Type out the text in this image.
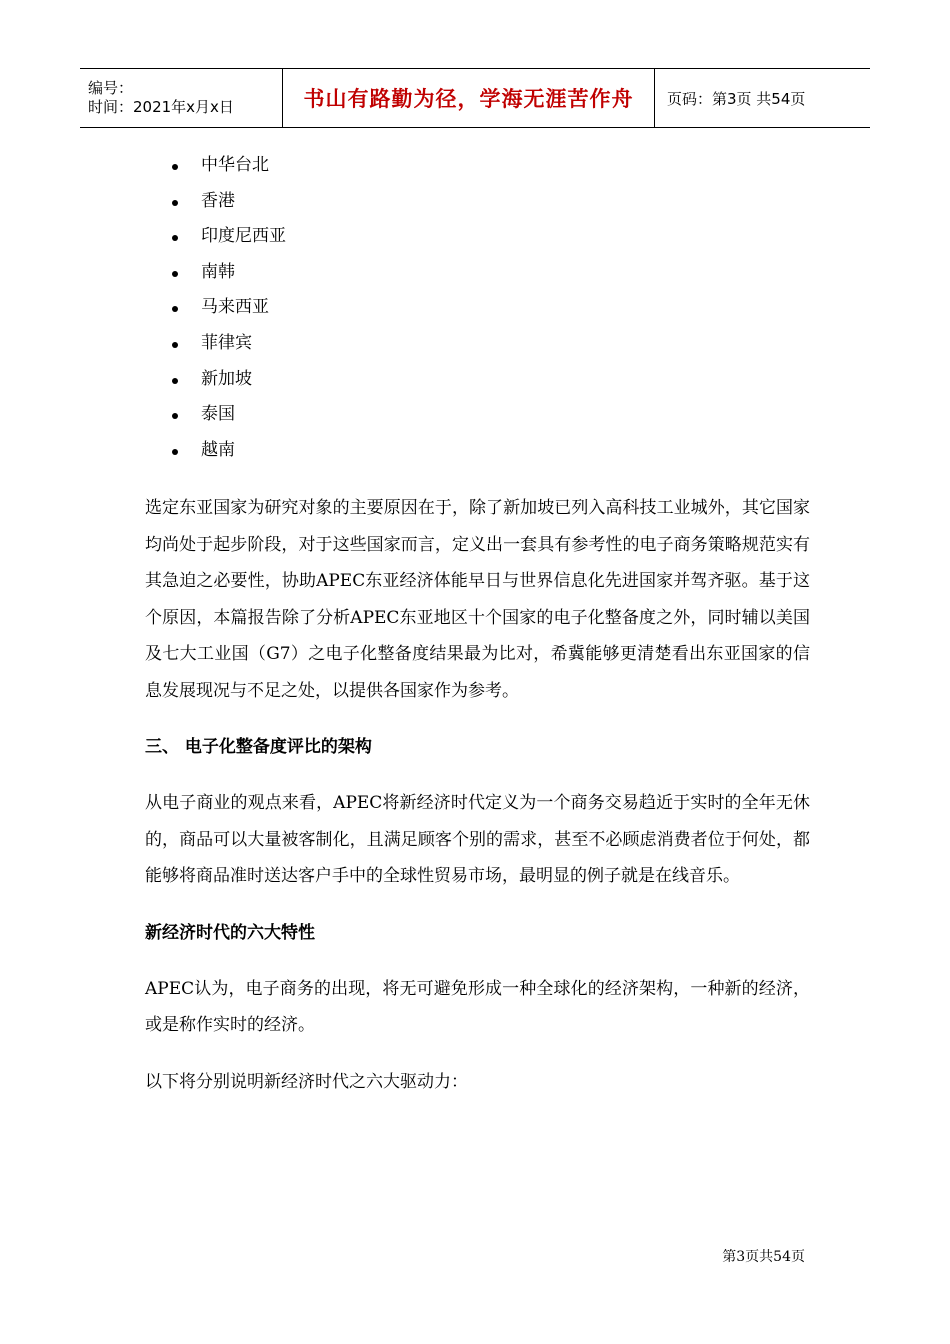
编号：
时间：2021年x月x日	书山有路勤为径，学海无涯苦作舟	页码：第3页 共54页
中华台北
香港
印度尼西亚
南韩
马来西亚
菲律宾
新加坡
泰国
越南

选定东亚国家为研究对象的主要原因在于，除了新加坡已列入高科技工业城外，其它国家均尚处于起步阶段，对于这些国家而言，定义出一套具有参考性的电子商务策略规范实有其急迫之必要性，协助APEC东亚经济体能早日与世界信息化先进国家并驾齐驱。基于这个原因，本篇报告除了分析APEC东亚地区十个国家的电子化整备度之外，同时辅以美国及七大工业国（G7）之电子化整备度结果最为比对，希冀能够更清楚看出东亚国家的信息发展现况与不足之处，以提供各国家作为参考。

三、 电子化整备度评比的架构

从电子商业的观点来看，APEC将新经济时代定义为一个商务交易趋近于实时的全年无休的，商品可以大量被客制化，且满足顾客个别的需求，甚至不必顾虑消费者位于何处，都能够将商品准时送达客户手中的全球性贸易市场，最明显的例子就是在线音乐。

新经济时代的六大特性

APEC认为，电子商务的出现，将无可避免形成一种全球化的经济架构，一种新的经济，或是称作实时的经济。

以下将分别说明新经济时代之六大驱动力：

第3页共54页
